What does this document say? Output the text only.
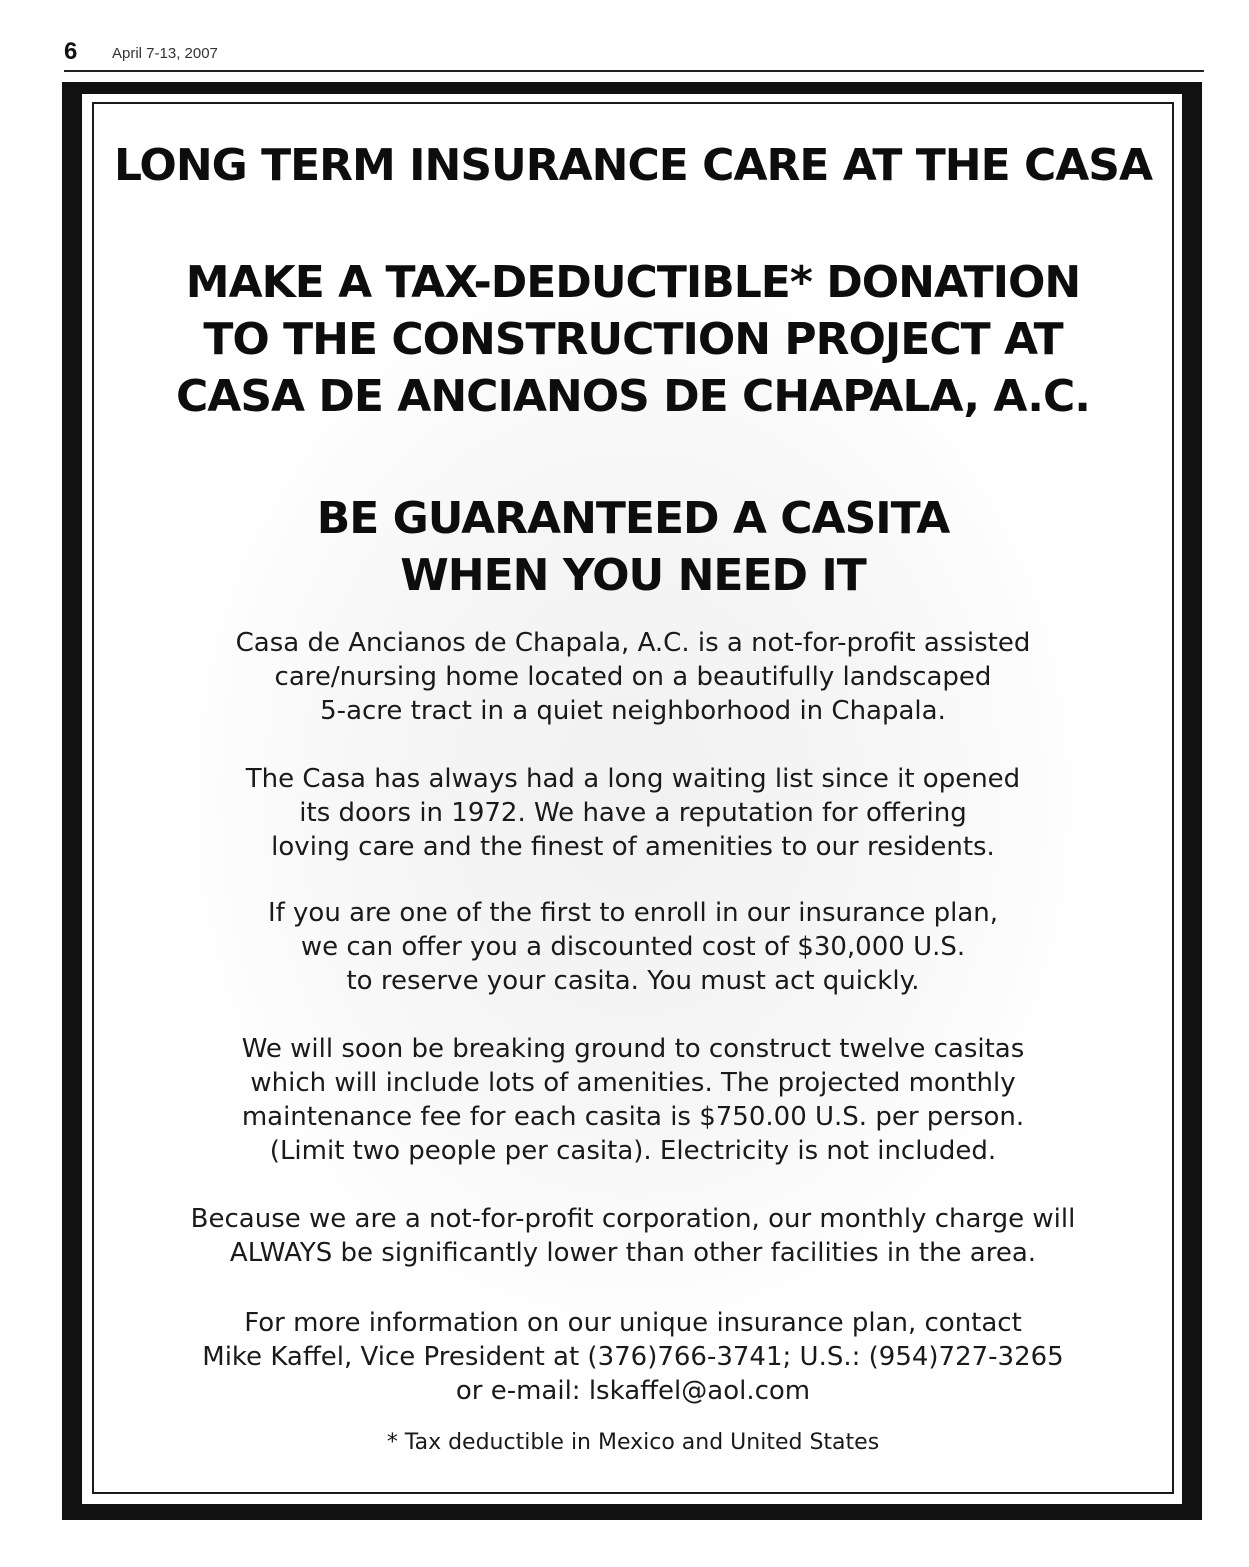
6 April 7-13, 2007
LONG TERM INSURANCE CARE AT THE CASA
MAKE A TAX-DEDUCTIBLE* DONATION
TO THE CONSTRUCTION PROJECT AT
CASA DE ANCIANOS DE CHAPALA, A.C.
BE GUARANTEED A CASITA
WHEN YOU NEED IT

Casa de Ancianos de Chapala, A.C. is a not-for-profit assisted
care/nursing home located on a beautifully landscaped
5-acre tract in a quiet neighborhood in Chapala.

The Casa has always had a long waiting list since it opened
its doors in 1972. We have a reputation for offering
loving care and the finest of amenities to our residents.

If you are one of the first to enroll in our insurance plan,
we can offer you a discounted cost of $30,000 U.S.
to reserve your casita. You must act quickly.

We will soon be breaking ground to construct twelve casitas
which will include lots of amenities. The projected monthly
maintenance fee for each casita is $750.00 U.S. per person.
(Limit two people per casita). Electricity is not included.

Because we are a not-for-profit corporation, our monthly charge will
ALWAYS be significantly lower than other facilities in the area.

For more information on our unique insurance plan, contact
Mike Kaffel, Vice President at (376)766-3741; U.S.: (954)727-3265
or e-mail: lskaffel@aol.com

* Tax deductible in Mexico and United States
